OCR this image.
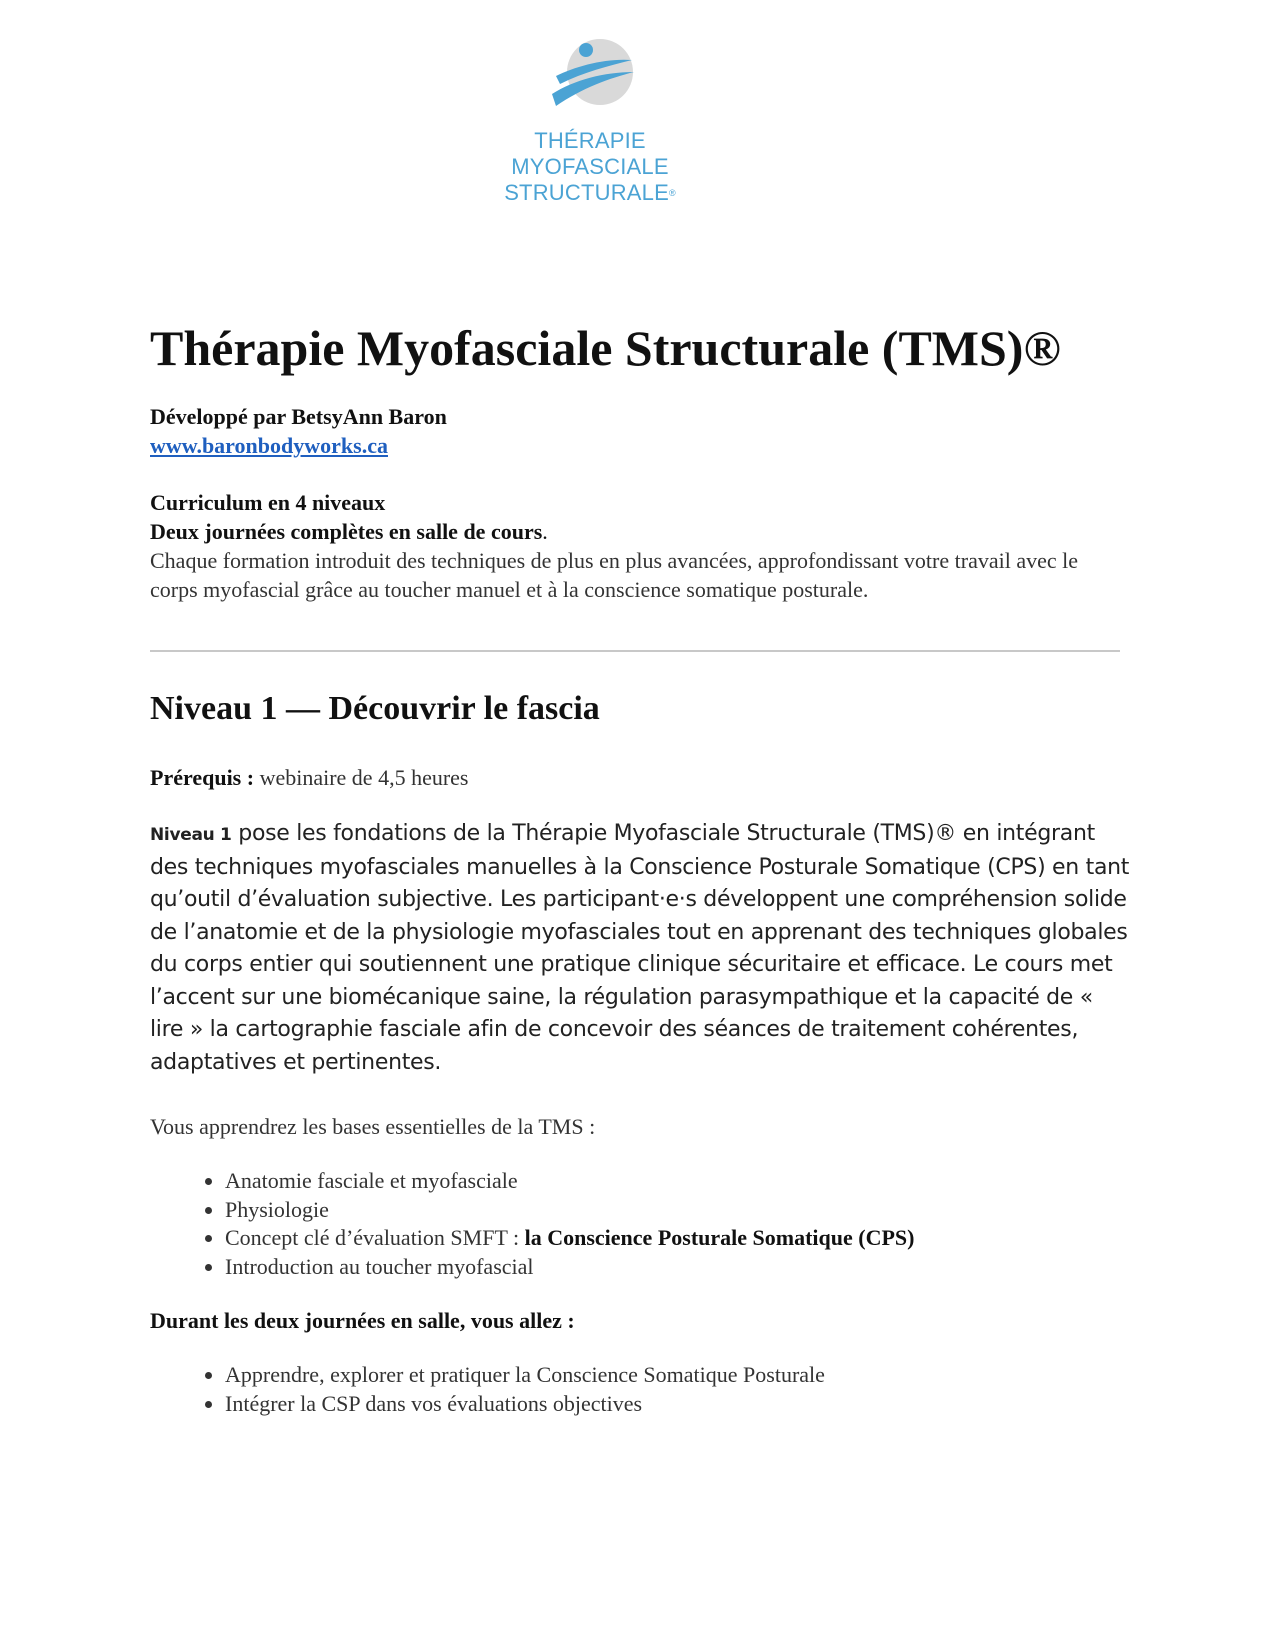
THÉRAPIE
MYOFASCIALE
STRUCTURALE®
Thérapie Myofasciale Structurale (TMS)®
Développé par BetsyAnn Baron
www.baronbodyworks.ca
Curriculum en 4 niveaux
Deux journées complètes en salle de cours.
Chaque formation introduit des techniques de plus en plus avancées, approfondissant votre travail avec le corps myofascial grâce au toucher manuel et à la conscience somatique posturale.
Niveau 1 — Découvrir le fascia
Prérequis : webinaire de 4,5 heures
Niveau 1 pose les fondations de la Thérapie Myofasciale Structurale (TMS)® en intégrant des techniques myofasciales manuelles à la Conscience Posturale Somatique (CPS) en tant qu’outil d’évaluation subjective. Les participant·e·s développent une compréhension solide de l’anatomie et de la physiologie myofasciales tout en apprenant des techniques globales du corps entier qui soutiennent une pratique clinique sécuritaire et efficace. Le cours met l’accent sur une biomécanique saine, la régulation parasympathique et la capacité de « lire » la cartographie fasciale afin de concevoir des séances de traitement cohérentes, adaptatives et pertinentes.
Vous apprendrez les bases essentielles de la TMS :
• Anatomie fasciale et myofasciale
• Physiologie
• Concept clé d’évaluation SMFT : la Conscience Posturale Somatique (CPS)
• Introduction au toucher myofascial
Durant les deux journées en salle, vous allez :
• Apprendre, explorer et pratiquer la Conscience Somatique Posturale
• Intégrer la CSP dans vos évaluations objectives
